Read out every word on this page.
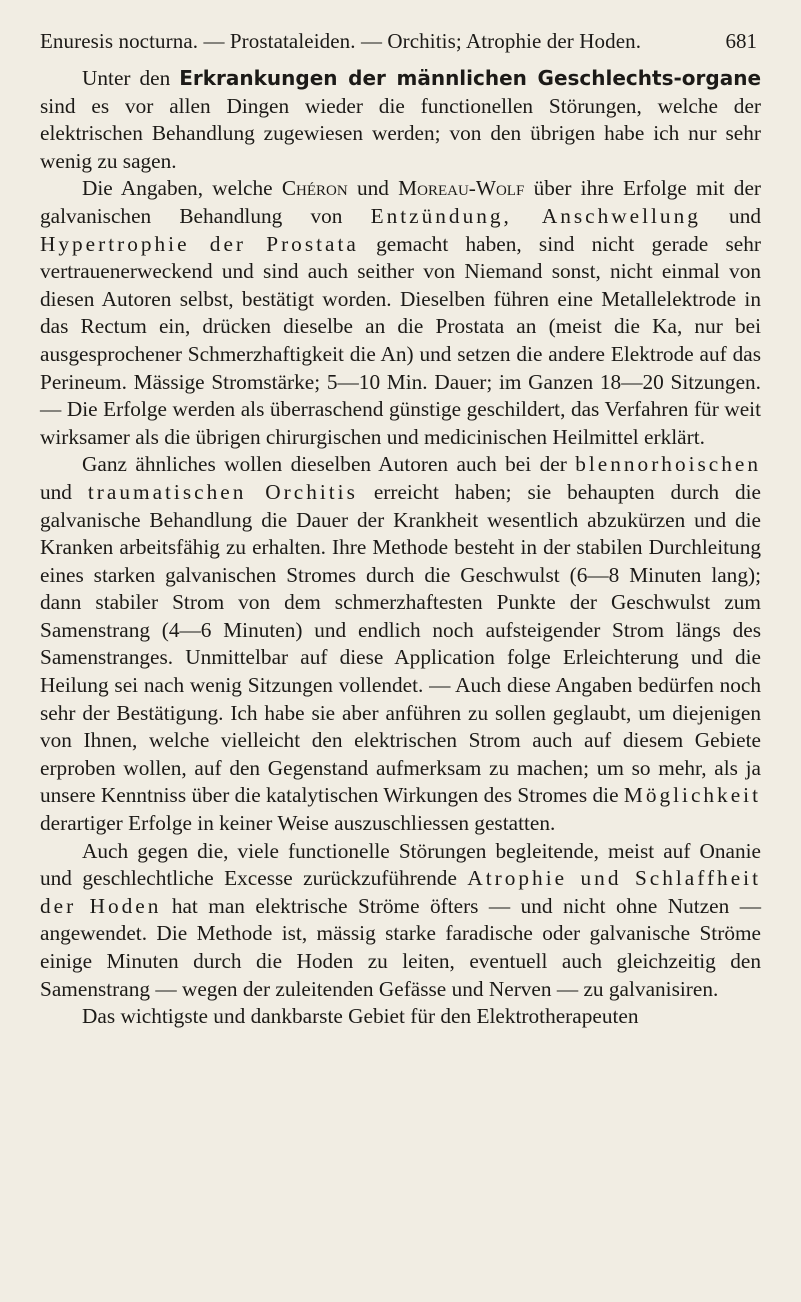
Enuresis nocturna. — Prostataleiden. — Orchitis; Atrophie der Hoden.	681

Unter den Erkrankungen der männlichen Geschlechts-organe sind es vor allen Dingen wieder die functionellen Störungen, welche der elektrischen Behandlung zugewiesen werden; von den übrigen habe ich nur sehr wenig zu sagen.

Die Angaben, welche Chéron und Moreau-Wolf über ihre Erfolge mit der galvanischen Behandlung von Entzündung, Anschwellung und Hypertrophie der Prostata gemacht haben, sind nicht gerade sehr vertrauenerweckend und sind auch seither von Niemand sonst, nicht einmal von diesen Autoren selbst, bestätigt worden. Dieselben führen eine Metallelektrode in das Rectum ein, drücken dieselbe an die Prostata an (meist die Ka, nur bei ausgesprochener Schmerzhaftigkeit die An) und setzen die andere Elektrode auf das Perineum. Mässige Stromstärke; 5—10 Min. Dauer; im Ganzen 18—20 Sitzungen. — Die Erfolge werden als überraschend günstige geschildert, das Verfahren für weit wirksamer als die übrigen chirurgischen und medicinischen Heilmittel erklärt.

Ganz ähnliches wollen dieselben Autoren auch bei der blennorhoischen und traumatischen Orchitis erreicht haben; sie behaupten durch die galvanische Behandlung die Dauer der Krankheit wesentlich abzukürzen und die Kranken arbeitsfähig zu erhalten. Ihre Methode besteht in der stabilen Durchleitung eines starken galvanischen Stromes durch die Geschwulst (6—8 Minuten lang); dann stabiler Strom von dem schmerzhaftesten Punkte der Geschwulst zum Samenstrang (4—6 Minuten) und endlich noch aufsteigender Strom längs des Samenstranges. Unmittelbar auf diese Application folge Erleichterung und die Heilung sei nach wenig Sitzungen vollendet. — Auch diese Angaben bedürfen noch sehr der Bestätigung. Ich habe sie aber anführen zu sollen geglaubt, um diejenigen von Ihnen, welche vielleicht den elektrischen Strom auch auf diesem Gebiete erproben wollen, auf den Gegenstand aufmerksam zu machen; um so mehr, als ja unsere Kenntniss über die katalytischen Wirkungen des Stromes die Möglichkeit derartiger Erfolge in keiner Weise auszuschliessen gestatten.

Auch gegen die, viele functionelle Störungen begleitende, meist auf Onanie und geschlechtliche Excesse zurückzuführende Atrophie und Schlaffheit der Hoden hat man elektrische Ströme öfters — und nicht ohne Nutzen — angewendet. Die Methode ist, mässig starke faradische oder galvanische Ströme einige Minuten durch die Hoden zu leiten, eventuell auch gleichzeitig den Samenstrang — wegen der zuleitenden Gefässe und Nerven — zu galvanisiren.

Das wichtigste und dankbarste Gebiet für den Elektrotherapeuten
